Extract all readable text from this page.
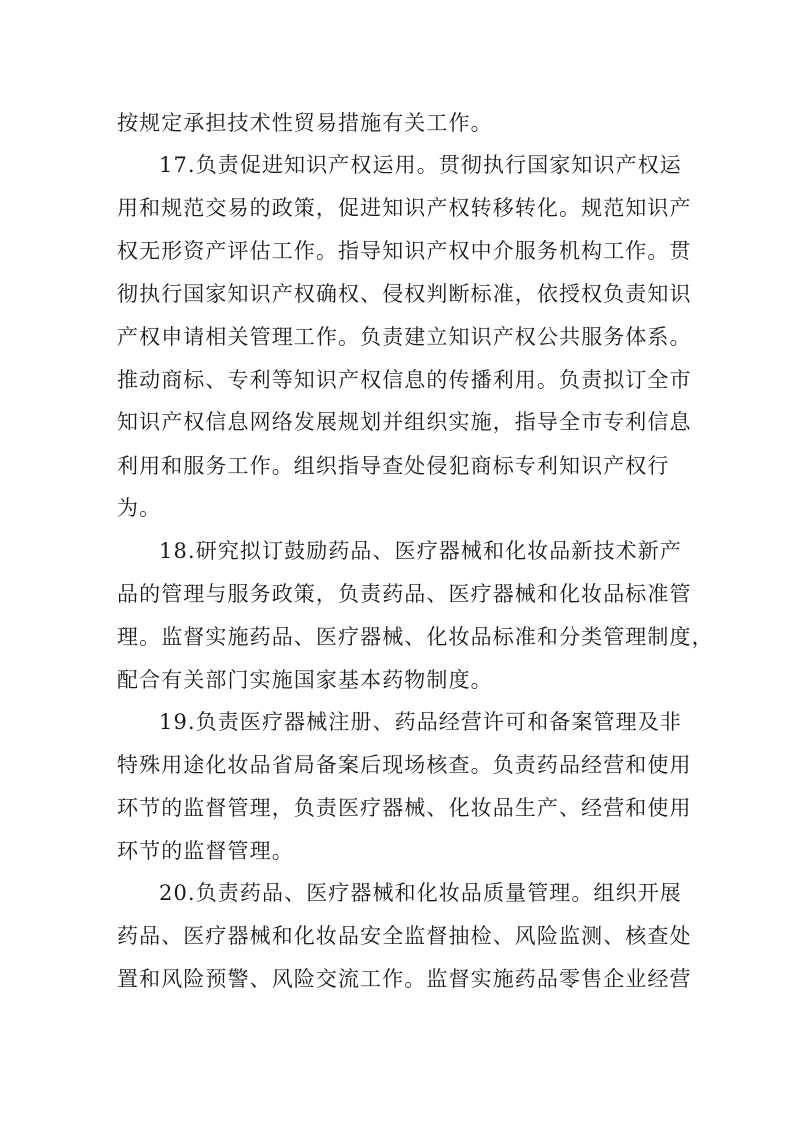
按规定承担技术性贸易措施有关工作。
17.负责促进知识产权运用。贯彻执行国家知识产权运
用和规范交易的政策，促进知识产权转移转化。规范知识产
权无形资产评估工作。指导知识产权中介服务机构工作。贯
彻执行国家知识产权确权、侵权判断标准，依授权负责知识
产权申请相关管理工作。负责建立知识产权公共服务体系。
推动商标、专利等知识产权信息的传播利用。负责拟订全市
知识产权信息网络发展规划并组织实施，指导全市专利信息
利用和服务工作。组织指导查处侵犯商标专利知识产权行
为。
18.研究拟订鼓励药品、医疗器械和化妆品新技术新产
品的管理与服务政策，负责药品、医疗器械和化妆品标准管
理。监督实施药品、医疗器械、化妆品标准和分类管理制度，
配合有关部门实施国家基本药物制度。
19.负责医疗器械注册、药品经营许可和备案管理及非
特殊用途化妆品省局备案后现场核查。负责药品经营和使用
环节的监督管理，负责医疗器械、化妆品生产、经营和使用
环节的监督管理。
20.负责药品、医疗器械和化妆品质量管理。组织开展
药品、医疗器械和化妆品安全监督抽检、风险监测、核查处
置和风险预警、风险交流工作。监督实施药品零售企业经营
